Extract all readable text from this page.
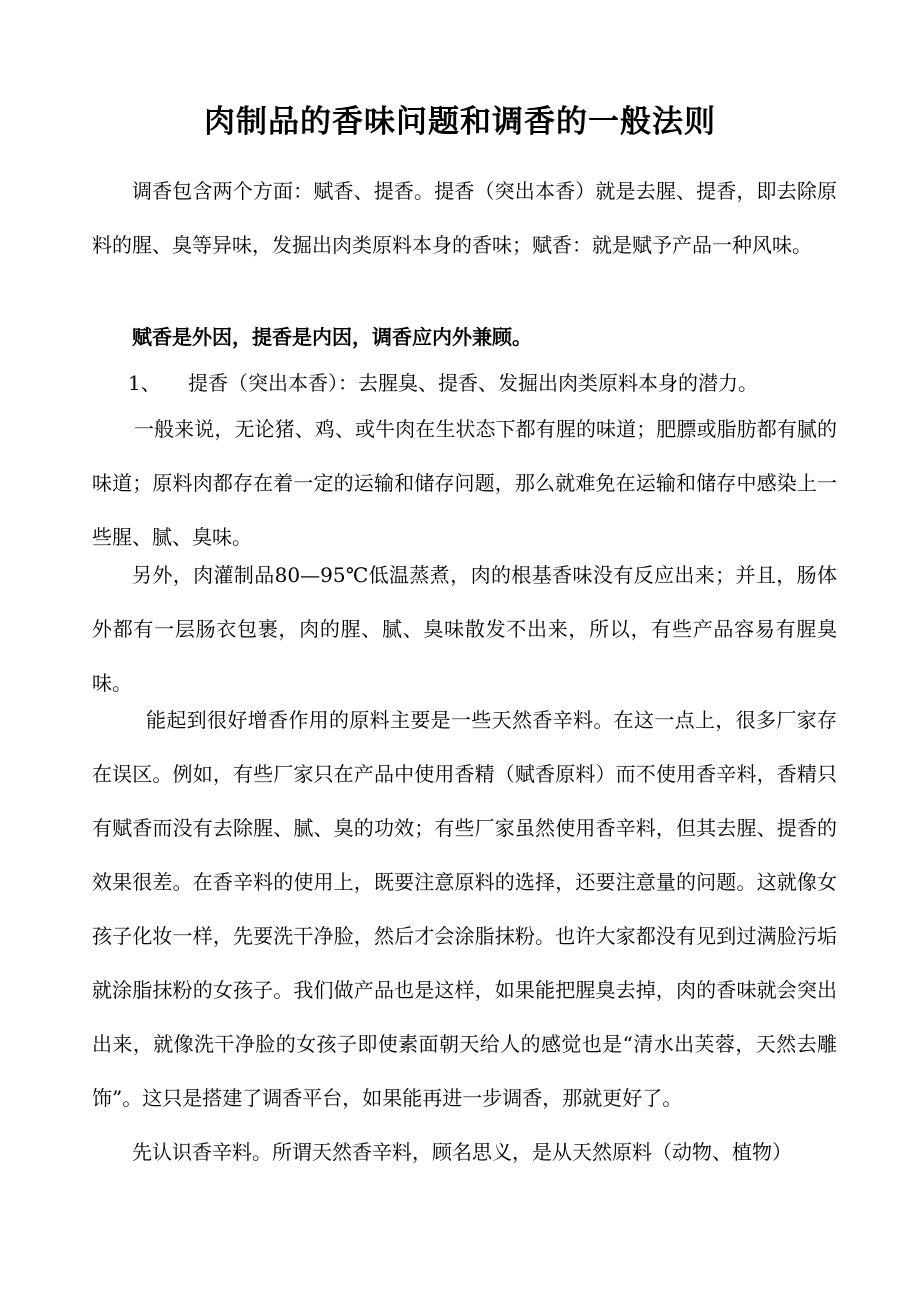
肉制品的香味问题和调香的一般法则
调香包含两个方面：赋香、提香。提香（突出本香）就是去腥、提香，即去除原料的腥、臭等异味，发掘出肉类原料本身的香味；赋香：就是赋予产品一种风味。
赋香是外因，提香是内因，调香应内外兼顾。
1、 提香（突出本香）：去腥臭、提香、发掘出肉类原料本身的潜力。
一般来说，无论猪、鸡、或牛肉在生状态下都有腥的味道；肥膘或脂肪都有腻的味道；原料肉都存在着一定的运输和储存问题，那么就难免在运输和储存中感染上一些腥、腻、臭味。
另外，肉灌制品80—95℃低温蒸煮，肉的根基香味没有反应出来；并且，肠体外都有一层肠衣包裹，肉的腥、腻、臭味散发不出来，所以，有些产品容易有腥臭味。
能起到很好增香作用的原料主要是一些天然香辛料。在这一点上，很多厂家存在误区。例如，有些厂家只在产品中使用香精（赋香原料）而不使用香辛料，香精只有赋香而没有去除腥、腻、臭的功效；有些厂家虽然使用香辛料，但其去腥、提香的效果很差。在香辛料的使用上，既要注意原料的选择，还要注意量的问题。这就像女孩子化妆一样，先要洗干净脸，然后才会涂脂抹粉。也许大家都没有见到过满脸污垢就涂脂抹粉的女孩子。我们做产品也是这样，如果能把腥臭去掉，肉的香味就会突出出来，就像洗干净脸的女孩子即使素面朝天给人的感觉也是“清水出芙蓉，天然去雕饰”。这只是搭建了调香平台，如果能再进一步调香，那就更好了。
先认识香辛料。所谓天然香辛料，顾名思义，是从天然原料（动物、植物）
